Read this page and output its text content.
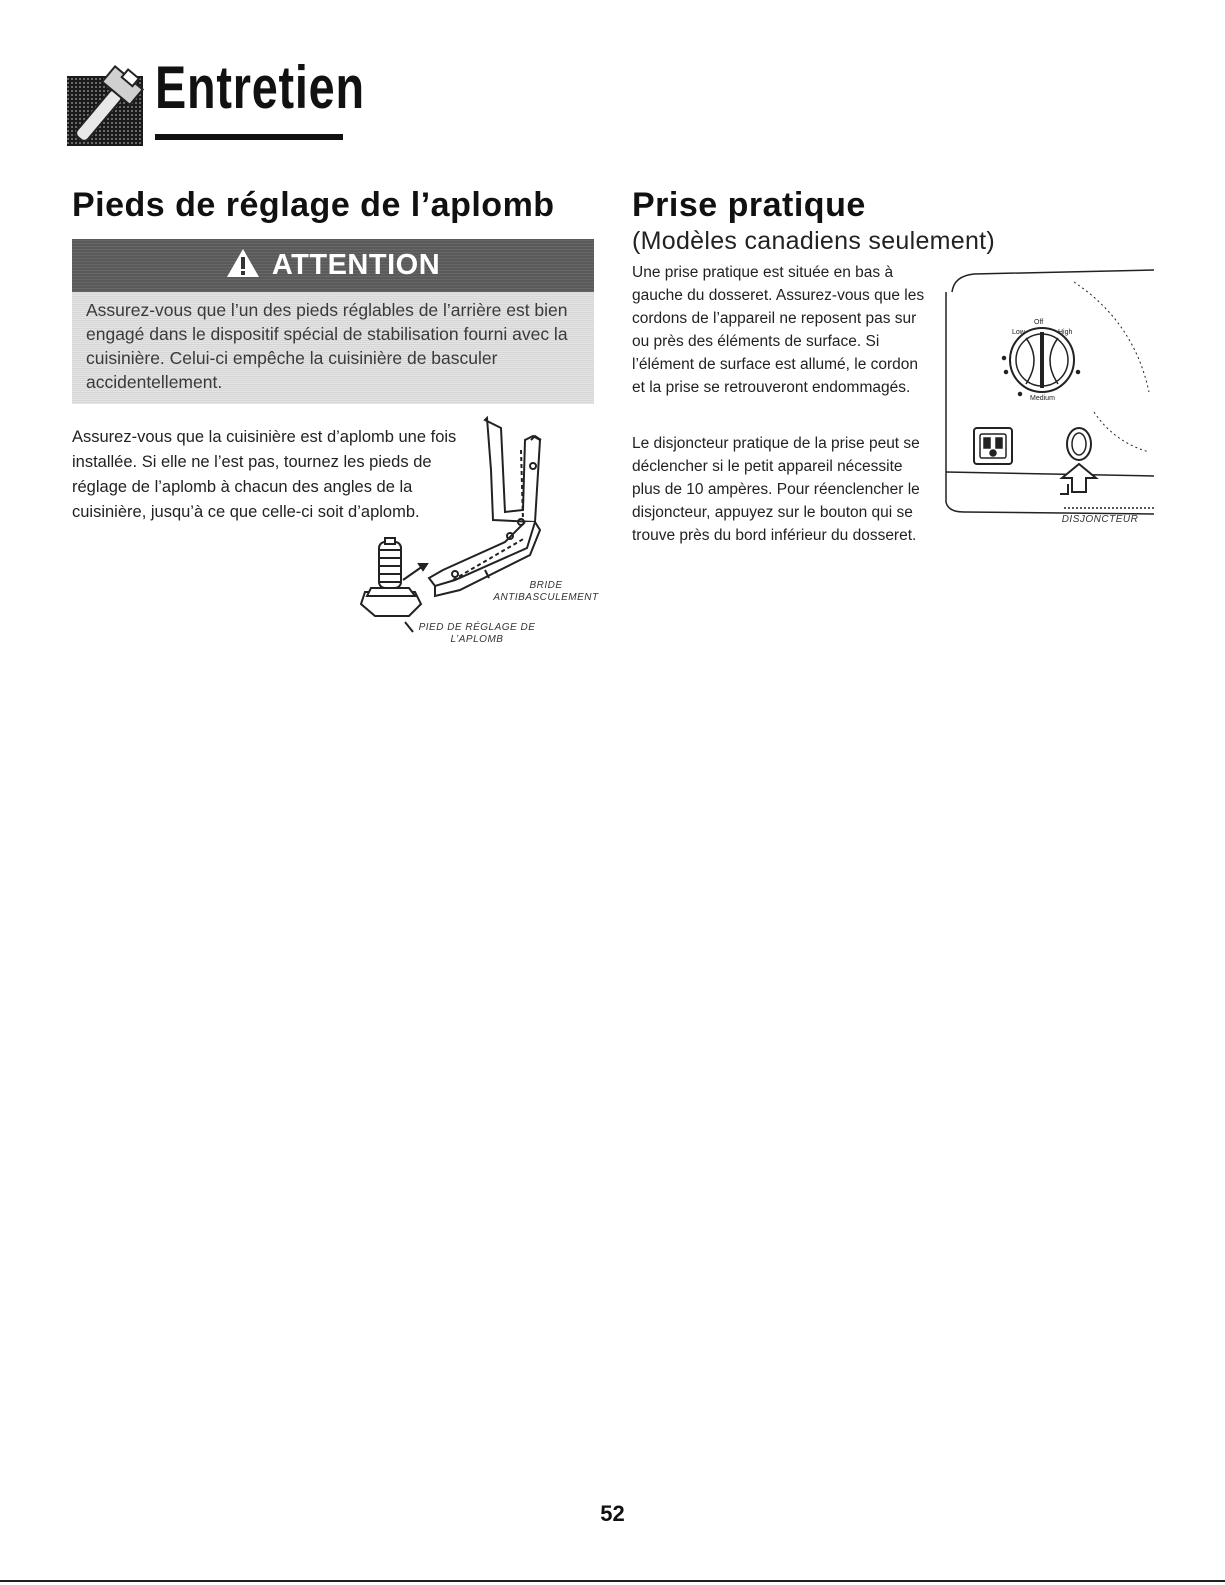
Entretien
Pieds de réglage de l’aplomb
ATTENTION

Assurez-vous que l’un des pieds réglables de l’arrière est bien engagé dans le dispositif spécial de stabilisation fourni avec la cuisinière. Celui-ci empêche la cuisinière de basculer accidentellement.

Assurez-vous que la cuisinière est d’aplomb une fois installée. Si elle ne l’est pas, tournez les pieds de réglage de l’aplomb à chacun des angles de la cuisinière, jusqu’à ce que celle-ci soit d’aplomb.

BRIDE ANTIBASCULEMENT

PIED DE RÉGLAGE DE L’APLOMB

Prise pratique
(Modèles canadiens seulement)

Une prise pratique est située en bas à gauche du dosseret. Assurez-vous que les cordons de l’appareil ne reposent pas sur ou près des éléments de surface. Si l’élément de surface est allumé, le cordon et la prise se retrouveront endommagés.

Le disjoncteur pratique de la prise peut se déclencher si le petit appareil nécessite plus de 10 ampères. Pour réenclencher le disjoncteur, appuyez sur le bouton qui se trouve près du bord inférieur du dosseret.

Off
Low	High
Medium

DISJONCTEUR

52
